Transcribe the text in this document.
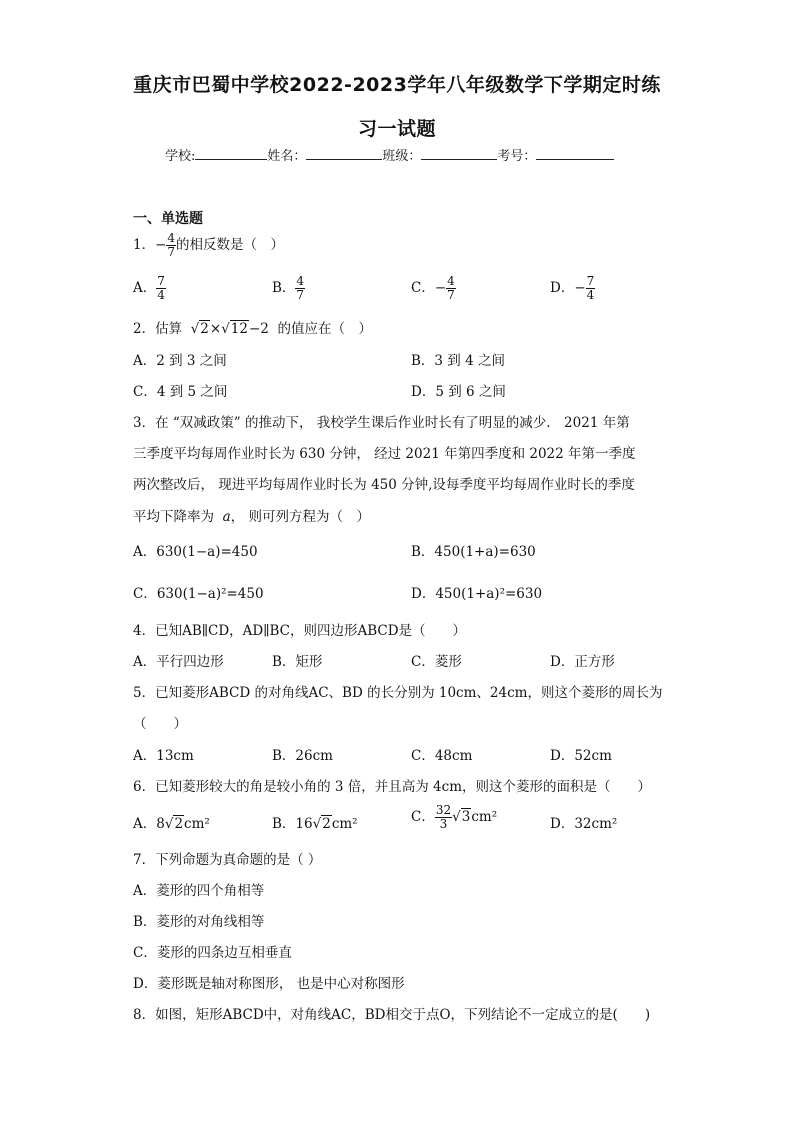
重庆市巴蜀中学校2022-2023学年八年级数学下学期定时练
习一试题
学校:	姓名：	班级：	考号：
一、单选题
1．− $\frac{4}{7}$ 的相反数是（　）
A． $\frac{7}{4}$	B． $\frac{4}{7}$	C．− $\frac{4}{7}$	D．− $\frac{7}{4}$
2．估算  √2×√12−2 的值应在（　）
A．2 到 3 之间	B．3 到 4 之间
C．4 到 5 之间	D．5 到 6 之间
3．在 “双减政策” 的推动下， 我校学生课后作业时长有了明显的减少． 2021 年第
三季度平均每周作业时长为 630 分钟， 经过 2021 年第四季度和 2022 年第一季度
两次整改后， 现进平均每周作业时长为 450 分钟,设每季度平均每周作业时长的季度
平均下降率为 a， 则可列方程为（　）
A．630(1−a)=450	B．450(1+a)=630
C．630(1−a)²=450	D．450(1+a)²=630
4．已知AB∥CD，AD∥BC，则四边形ABCD是（　　）
A．平行四边形	B．矩形	C．菱形	D．正方形
5．已知菱形ABCD 的对角线AC、BD 的长分别为 10cm、24cm，则这个菱形的周长为
（　　）
A．13cm	B．26cm	C．48cm	D．52cm
6．已知菱形较大的角是较小角的 3 倍，并且高为 4cm，则这个菱形的面积是（　　）
A．8√2cm²	B．16√2cm²	C． $\frac{32}{3} √3cm^2$	D．32cm²
7．下列命题为真命题的是（ ）
A．菱形的四个角相等
B．菱形的对角线相等
C．菱形的四条边互相垂直
D．菱形既是轴对称图形， 也是中心对称图形
8．如图，矩形ABCD中，对角线AC，BD相交于点O，下列结论不一定成立的是(　　)
